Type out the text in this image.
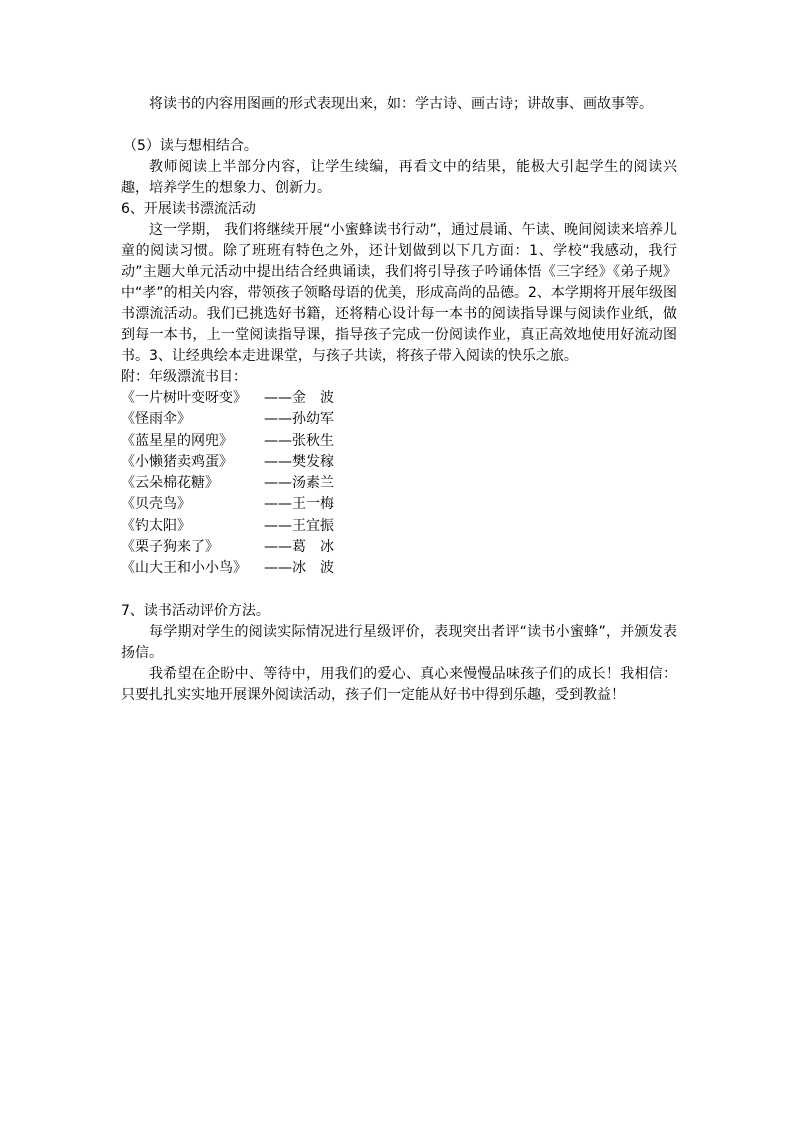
将读书的内容用图画的形式表现出来，如：学古诗、画古诗；讲故事、画故事等。

（5）读与想相结合。

教师阅读上半部分内容，让学生续编，再看文中的结果，能极大引起学生的阅读兴趣，培养学生的想象力、创新力。

6、开展读书漂流活动

这一学期， 我们将继续开展“小蜜蜂读书行动”，通过晨诵、午读、晚间阅读来培养儿童的阅读习惯。除了班班有特色之外，还计划做到以下几方面：1、学校“我感动，我行动”主题大单元活动中提出结合经典诵读，我们将引导孩子吟诵体悟《三字经》《弟子规》中“孝”的相关内容，带领孩子领略母语的优美，形成高尚的品德。2、本学期将开展年级图书漂流活动。我们已挑选好书籍，还将精心设计每一本书的阅读指导课与阅读作业纸，做到每一本书，上一堂阅读指导课，指导孩子完成一份阅读作业，真正高效地使用好流动图书。3、让经典绘本走进课堂，与孩子共读，将孩子带入阅读的快乐之旅。

附：年级漂流书目：

《一片树叶变呀变》	——金　波
《怪雨伞》	——孙幼军
《蓝星星的网兜》	——张秋生
《小懒猪卖鸡蛋》	——樊发稼
《云朵棉花糖》	——汤素兰
《贝壳鸟》	——王一梅
《钓太阳》	——王宜振
《栗子狗来了》	——葛　冰
《山大王和小小鸟》	——冰　波

7、读书活动评价方法。

每学期对学生的阅读实际情况进行星级评价，表现突出者评“读书小蜜蜂”，并颁发表扬信。

我希望在企盼中、等待中，用我们的爱心、真心来慢慢品味孩子们的成长！我相信：只要扎扎实实地开展课外阅读活动，孩子们一定能从好书中得到乐趣，受到教益！
